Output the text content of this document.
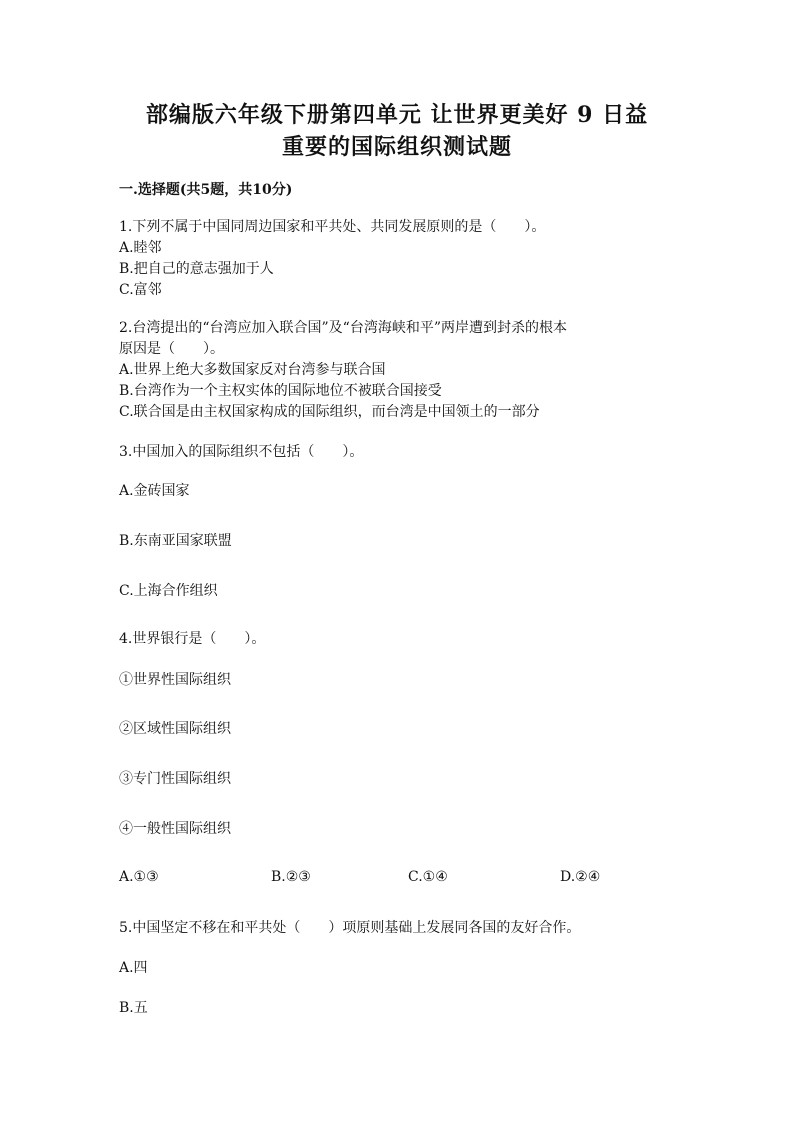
部编版六年级下册第四单元 让世界更美好 9 日益
重要的国际组织测试题
一.选择题(共5题，共10分)
1.下列不属于中国同周边国家和平共处、共同发展原则的是（　　）。
A.睦邻
B.把自己的意志强加于人
C.富邻
2.台湾提出的“台湾应加入联合国”及“台湾海峡和平”两岸遭到封杀的根本
原因是（　　）。
A.世界上绝大多数国家反对台湾参与联合国
B.台湾作为一个主权实体的国际地位不被联合国接受
C.联合国是由主权国家构成的国际组织，而台湾是中国领土的一部分
3.中国加入的国际组织不包括（　　）。
A.金砖国家
B.东南亚国家联盟
C.上海合作组织
4.世界银行是（　　）。
①世界性国际组织
②区域性国际组织
③专门性国际组织
④一般性国际组织
A.①③	B.②③	C.①④	D.②④
5.中国坚定不移在和平共处（　　）项原则基础上发展同各国的友好合作。
A.四
B.五
